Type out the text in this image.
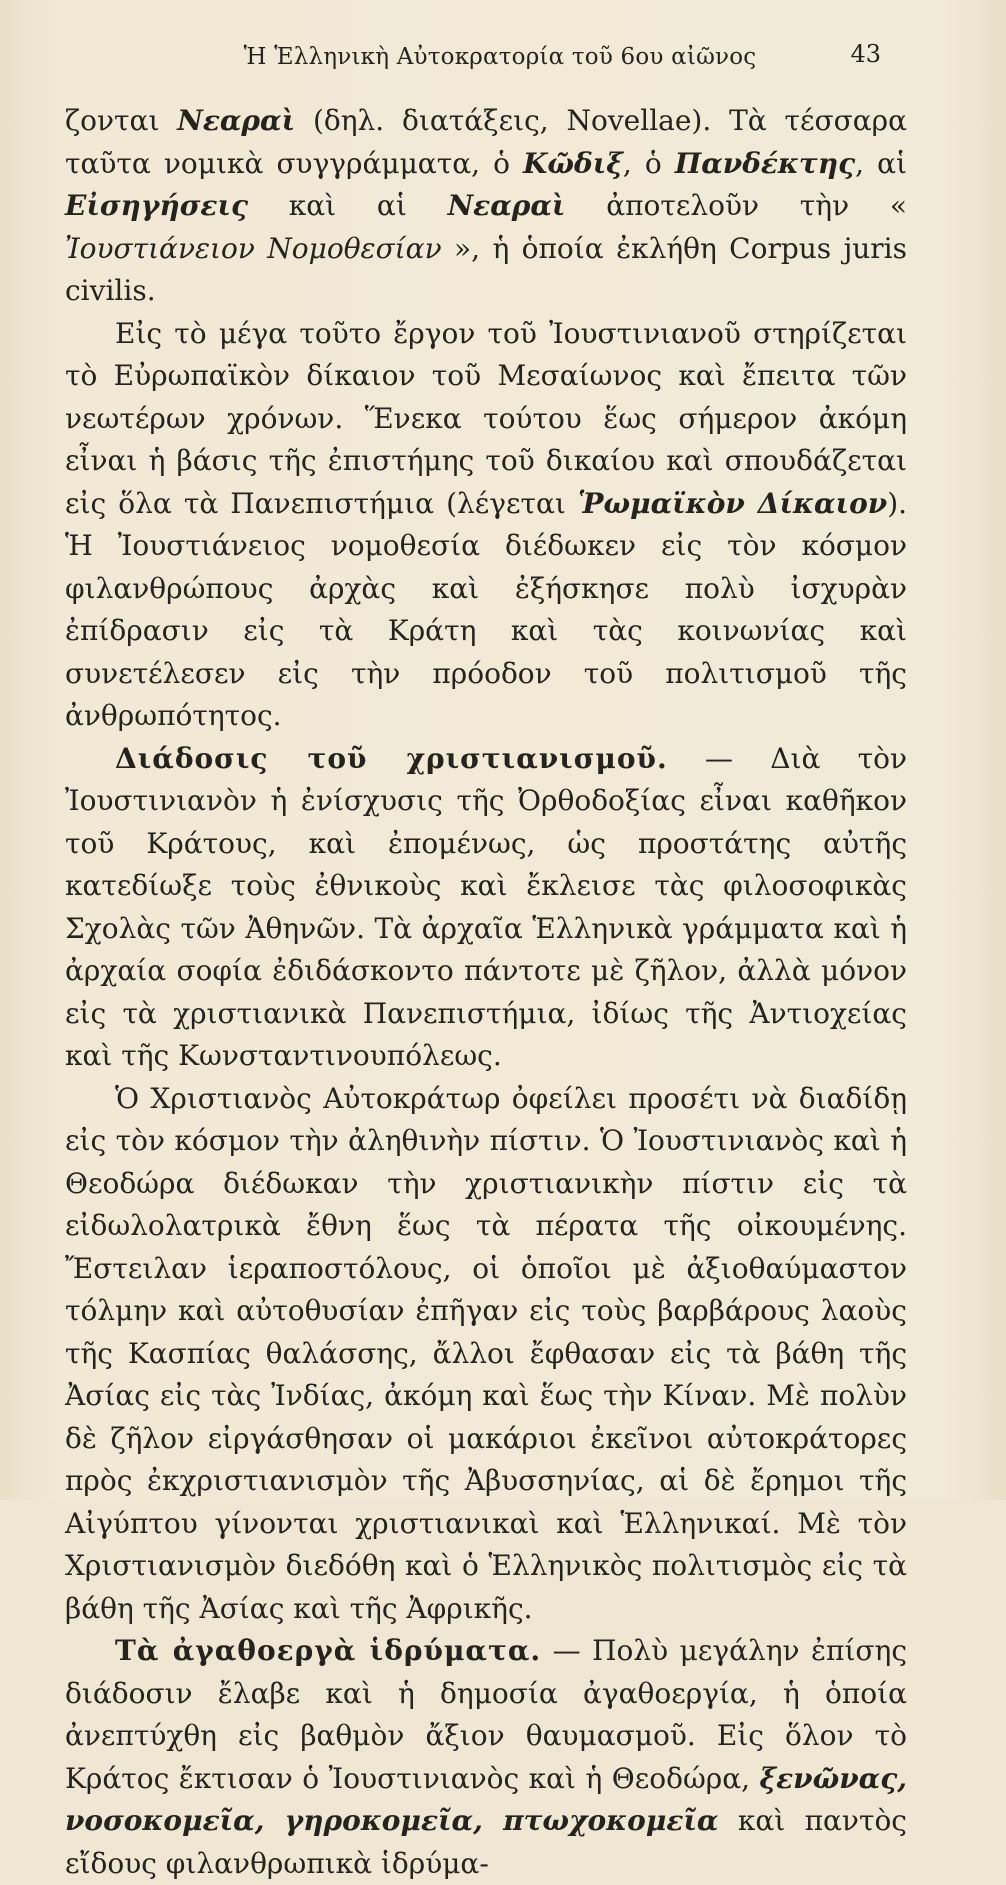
Ἡ Ἑλληνικὴ Αὐτοκρατορία τοῦ 6ου αἰῶνος	43

ζονται Νεαραὶ (δηλ. διατάξεις, Novellae). Τὰ τέσσαρα ταῦτα νομικὰ συγγράμματα, ὁ Κῶδιξ, ὁ Πανδέκτης, αἱ Εἰσηγήσεις καὶ αἱ Νεαραὶ ἀποτελοῦν τὴν « Ἰουστιάνειον Νομοθεσίαν », ἡ ὁποία ἐκλήθη Corpus juris civilis.

Εἰς τὸ μέγα τοῦτο ἔργον τοῦ Ἰουστινιανοῦ στηρίζεται τὸ Εὐρωπαϊκὸν δίκαιον τοῦ Μεσαίωνος καὶ ἔπειτα τῶν νεωτέρων χρόνων. Ἕνεκα τούτου ἕως σήμερον ἀκόμη εἶναι ἡ βάσις τῆς ἐπιστήμης τοῦ δικαίου καὶ σπουδάζεται εἰς ὅλα τὰ Πανεπιστήμια (λέγεται Ῥωμαϊκὸν Δίκαιον). Ἡ Ἰουστιάνειος νομοθεσία διέδωκεν εἰς τὸν κόσμον φιλανθρώπους ἀρχὰς καὶ ἐξήσκησε πολὺ ἰσχυρὰν ἐπίδρασιν εἰς τὰ Κράτη καὶ τὰς κοινωνίας καὶ συνετέλεσεν εἰς τὴν πρόοδον τοῦ πολιτισμοῦ τῆς ἀνθρωπότητος.

Διάδοσις τοῦ χριστιανισμοῦ. — Διὰ τὸν Ἰουστινιανὸν ἡ ἐνίσχυσις τῆς Ὀρθοδοξίας εἶναι καθῆκον τοῦ Κράτους, καὶ ἐπομένως, ὡς προστάτης αὐτῆς κατεδίωξε τοὺς ἐθνικοὺς καὶ ἔκλεισε τὰς φιλοσοφικὰς Σχολὰς τῶν Ἀθηνῶν. Τὰ ἀρχαῖα Ἑλληνικὰ γράμματα καὶ ἡ ἀρχαία σοφία ἐδιδάσκοντο πάντοτε μὲ ζῆλον, ἀλλὰ μόνον εἰς τὰ χριστιανικὰ Πανεπιστήμια, ἰδίως τῆς Ἀντιοχείας καὶ τῆς Κωνσταντινουπόλεως.

Ὁ Χριστιανὸς Αὐτοκράτωρ ὀφείλει προσέτι νὰ διαδίδῃ εἰς τὸν κόσμον τὴν ἀληθινὴν πίστιν. Ὁ Ἰουστινιανὸς καὶ ἡ Θεοδώρα διέδωκαν τὴν χριστιανικὴν πίστιν εἰς τὰ εἰδωλολατρικὰ ἔθνη ἕως τὰ πέρατα τῆς οἰκουμένης. Ἔστειλαν ἱεραποστόλους, οἱ ὁποῖοι μὲ ἀξιοθαύμαστον τόλμην καὶ αὐτοθυσίαν ἐπῆγαν εἰς τοὺς βαρβάρους λαοὺς τῆς Κασπίας θαλάσσης, ἄλλοι ἔφθασαν εἰς τὰ βάθη τῆς Ἀσίας εἰς τὰς Ἰνδίας, ἀκόμη καὶ ἕως τὴν Κίναν. Μὲ πολὺν δὲ ζῆλον εἰργάσθησαν οἱ μακάριοι ἐκεῖνοι αὐτοκράτορες πρὸς ἐκχριστιανισμὸν τῆς Ἀβυσσηνίας, αἱ δὲ ἔρημοι τῆς Αἰγύπτου γίνονται χριστιανικαὶ καὶ Ἑλληνικαί. Μὲ τὸν Χριστιανισμὸν διεδόθη καὶ ὁ Ἑλληνικὸς πολιτισμὸς εἰς τὰ βάθη τῆς Ἀσίας καὶ τῆς Ἀφρικῆς.

Τὰ ἀγαθοεργὰ ἱδρύματα. — Πολὺ μεγάλην ἐπίσης διάδοσιν ἔλαβε καὶ ἡ δημοσία ἀγαθοεργία, ἡ ὁποία ἀνεπτύχθη εἰς βαθμὸν ἄξιον θαυμασμοῦ. Εἰς ὅλον τὸ Κράτος ἔκτισαν ὁ Ἰουστινιανὸς καὶ ἡ Θεοδώρα, ξενῶνας, νοσοκομεῖα, γηροκομεῖα, πτωχοκομεῖα καὶ παντὸς εἴδους φιλανθρωπικὰ ἱδρύμα-
